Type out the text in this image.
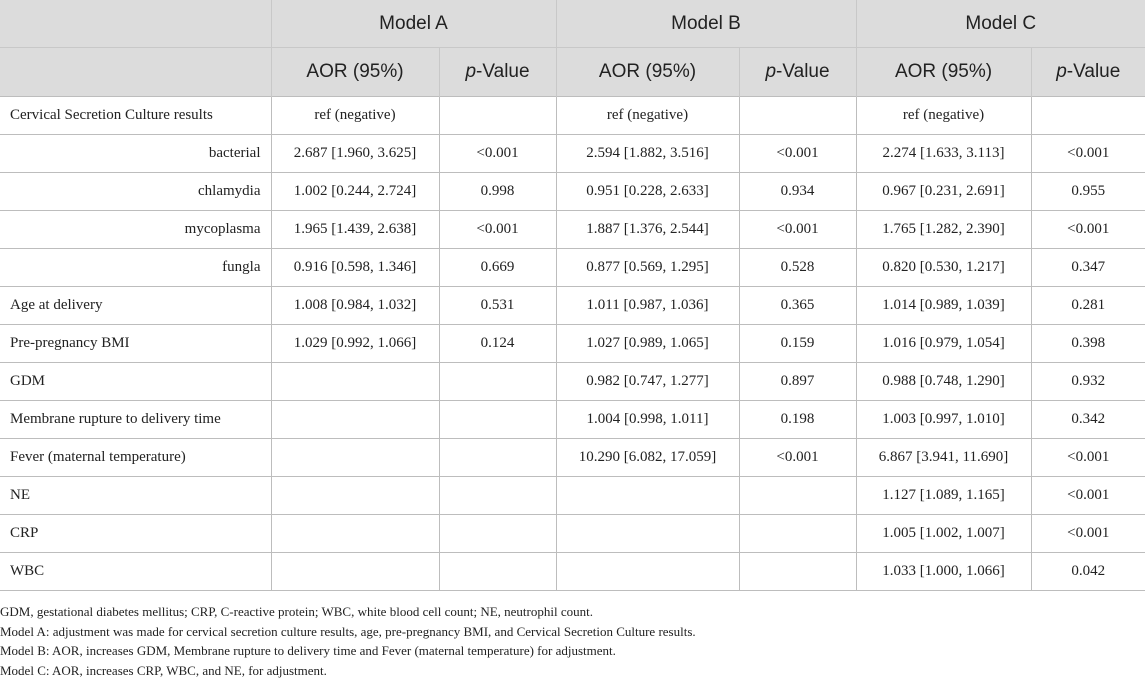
	Model A		Model B		Model C	
	AOR (95%)	p-Value	AOR (95%)	p-Value	AOR (95%)	p-Value
Cervical Secretion Culture results	ref (negative)		ref (negative)		ref (negative)	
bacterial	2.687 [1.960, 3.625]	<0.001	2.594 [1.882, 3.516]	<0.001	2.274 [1.633, 3.113]	<0.001
chlamydia	1.002 [0.244, 2.724]	0.998	0.951 [0.228, 2.633]	0.934	0.967 [0.231, 2.691]	0.955
mycoplasma	1.965 [1.439, 2.638]	<0.001	1.887 [1.376, 2.544]	<0.001	1.765 [1.282, 2.390]	<0.001
fungla	0.916 [0.598, 1.346]	0.669	0.877 [0.569, 1.295]	0.528	0.820 [0.530, 1.217]	0.347
Age at delivery	1.008 [0.984, 1.032]	0.531	1.011 [0.987, 1.036]	0.365	1.014 [0.989, 1.039]	0.281
Pre-pregnancy BMI	1.029 [0.992, 1.066]	0.124	1.027 [0.989, 1.065]	0.159	1.016 [0.979, 1.054]	0.398
GDM			0.982 [0.747, 1.277]	0.897	0.988 [0.748, 1.290]	0.932
Membrane rupture to delivery time			1.004 [0.998, 1.011]	0.198	1.003 [0.997, 1.010]	0.342
Fever (maternal temperature)			10.290 [6.082, 17.059]	<0.001	6.867 [3.941, 11.690]	<0.001
NE					1.127 [1.089, 1.165]	<0.001
CRP					1.005 [1.002, 1.007]	<0.001
WBC					1.033 [1.000, 1.066]	0.042
GDM, gestational diabetes mellitus; CRP, C-reactive protein; WBC, white blood cell count; NE, neutrophil count.
Model A: adjustment was made for cervical secretion culture results, age, pre-pregnancy BMI, and Cervical Secretion Culture results.
Model B: AOR, increases GDM, Membrane rupture to delivery time and Fever (maternal temperature) for adjustment.
Model C: AOR, increases CRP, WBC, and NE, for adjustment.
